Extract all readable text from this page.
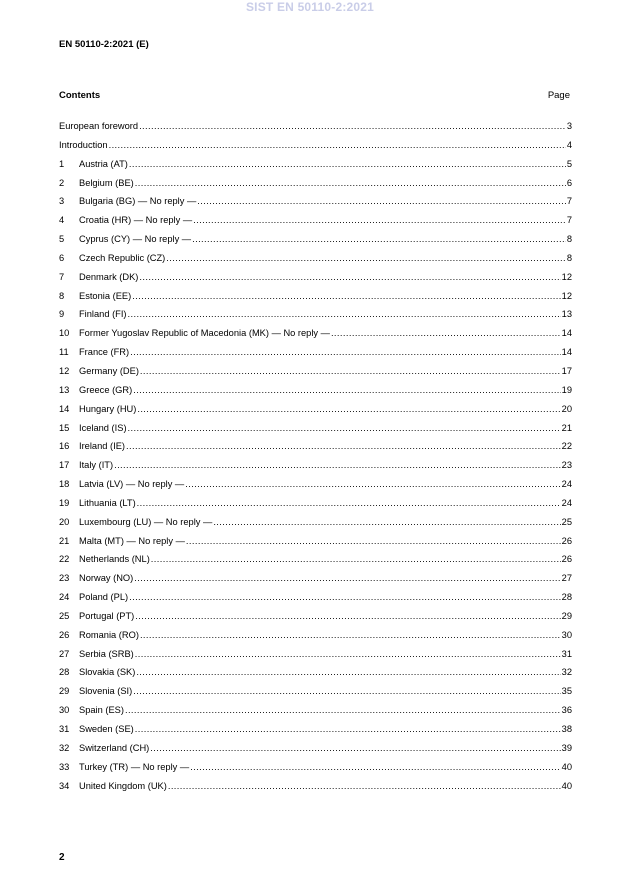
SIST EN 50110-2:2021
EN 50110-2:2021 (E)
Contents	Page
European foreword .....	3
Introduction .....	4
1	Austria (AT) .....	5
2	Belgium (BE) .....	6
3	Bulgaria (BG) — No reply — .....	7
4	Croatia (HR) — No reply — .....	7
5	Cyprus (CY) — No reply — .....	8
6	Czech Republic (CZ) .....	8
7	Denmark (DK) .....	12
8	Estonia (EE) .....	12
9	Finland (FI) .....	13
10	Former Yugoslav Republic of Macedonia (MK) — No reply — .....	14
11	France (FR) .....	14
12	Germany (DE) .....	17
13	Greece (GR) .....	19
14	Hungary (HU) .....	20
15	Iceland (IS) .....	21
16	Ireland (IE) .....	22
17	Italy (IT) .....	23
18	Latvia (LV) — No reply — .....	24
19	Lithuania (LT) .....	24
20	Luxembourg (LU) — No reply — .....	25
21	Malta (MT) — No reply — .....	26
22	Netherlands (NL) .....	26
23	Norway (NO) .....	27
24	Poland (PL) .....	28
25	Portugal (PT) .....	29
26	Romania (RO) .....	30
27	Serbia (SRB) .....	31
28	Slovakia (SK) .....	32
29	Slovenia (SI) .....	35
30	Spain (ES) .....	36
31	Sweden (SE) .....	38
32	Switzerland (CH) .....	39
33	Turkey (TR) — No reply — .....	40
34	United Kingdom (UK) .....	40
2
